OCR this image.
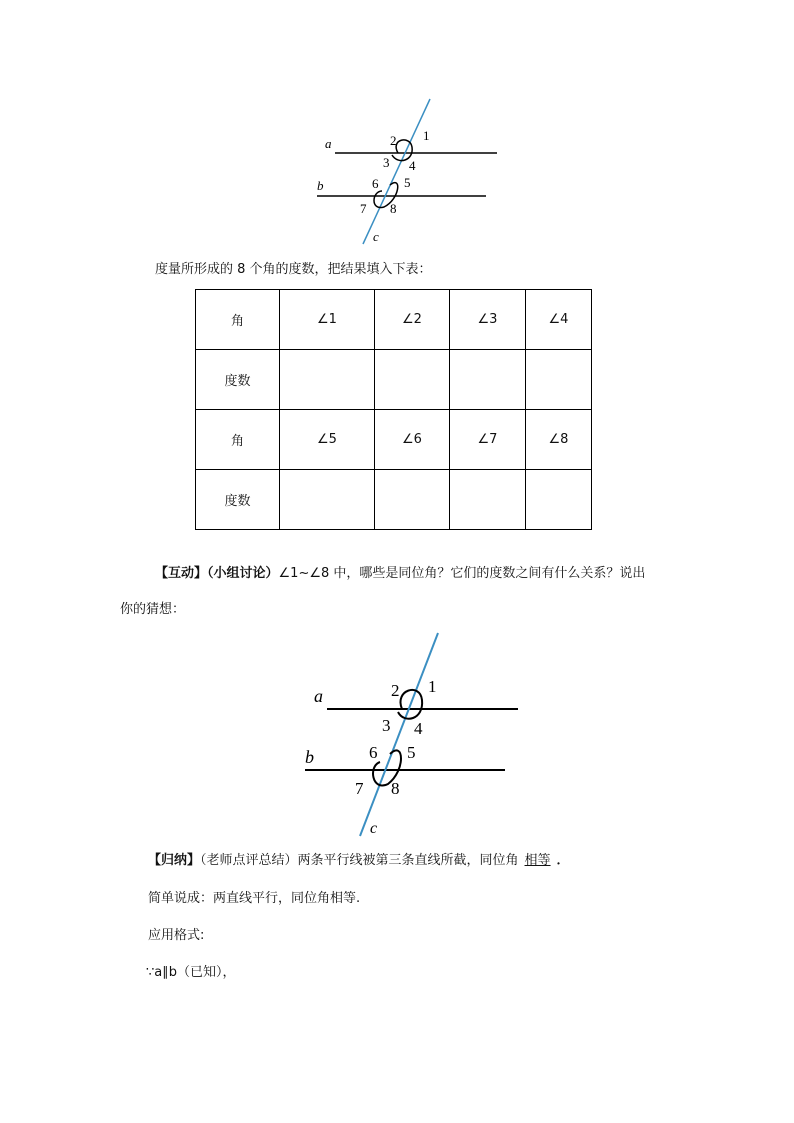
a
b
c
1
2
3 4
5
6
7 8
度量所形成的 8 个角的度数，把结果填入下表：
角	∠1	∠2	∠3	∠4
度数				
角	∠5	∠6	∠7	∠8
度数				
【互动】（小组讨论）∠1~∠8 中，哪些是同位角？它们的度数之间有什么关系？说出
你的猜想：
a
b
c
1
2
3 4
5
6
7 8
【归纳】（老师点评总结）两条平行线被第三条直线所截，同位角 相等 ．
简单说成：两直线平行，同位角相等.
应用格式:
∵a∥b（已知），
